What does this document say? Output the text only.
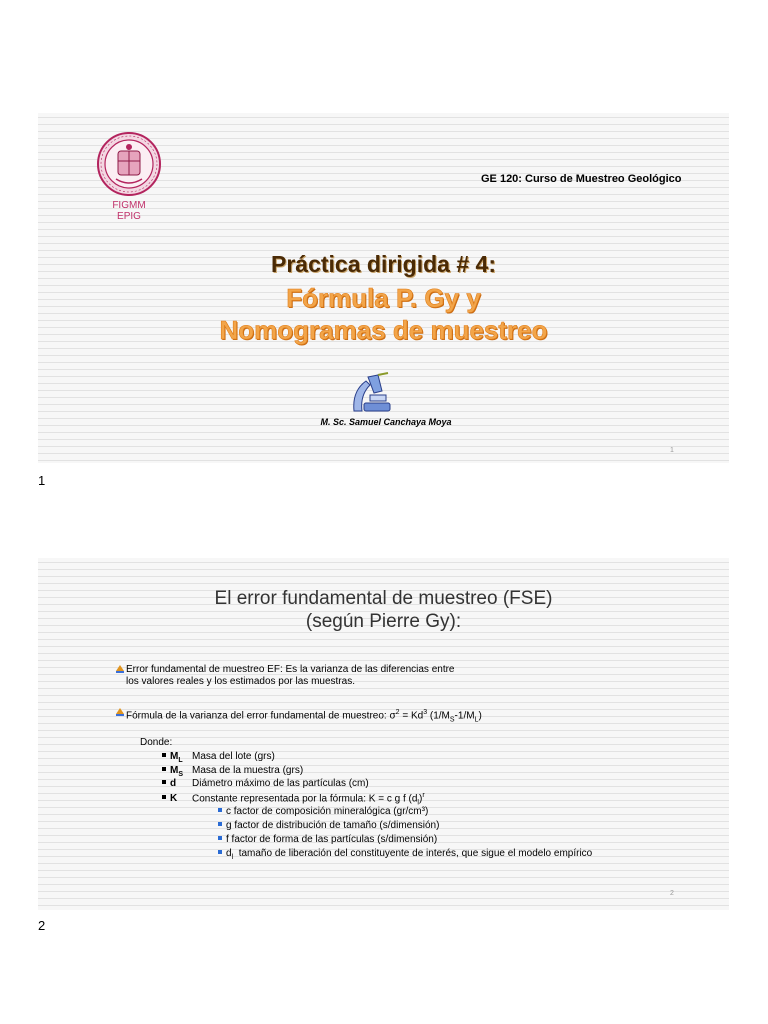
FIGMM
EPIG
GE 120: Curso de Muestreo Geológico
Práctica dirigida # 4:
Fórmula P. Gy y
Nomogramas de muestreo
M. Sc. Samuel Canchaya Moya
1
1
El error fundamental de muestreo (FSE)
(según Pierre Gy):
Error fundamental de muestreo EF: Es la varianza de las diferencias entre
los valores reales y los estimados por las muestras.
Fórmula de la varianza del error fundamental de muestreo: $\sigma^2 = Kd^3$ $(1/M_S-1/M_L)$
Donde:
$M_L$ Masa del lote (grs)
$M_S$ Masa de la muestra (grs)
d Diámetro máximo de las partículas (cm)
K Constante representada por la fórmula: K = c g f $(d_l)^r$
c factor de composición mineralógica (gr/cm³)
g factor de distribución de tamaño (s/dimensión)
f factor de forma de las partículas (s/dimensión)
$d_l$ tamaño de liberación del constituyente de interés, que sigue el modelo empírico
2
2
